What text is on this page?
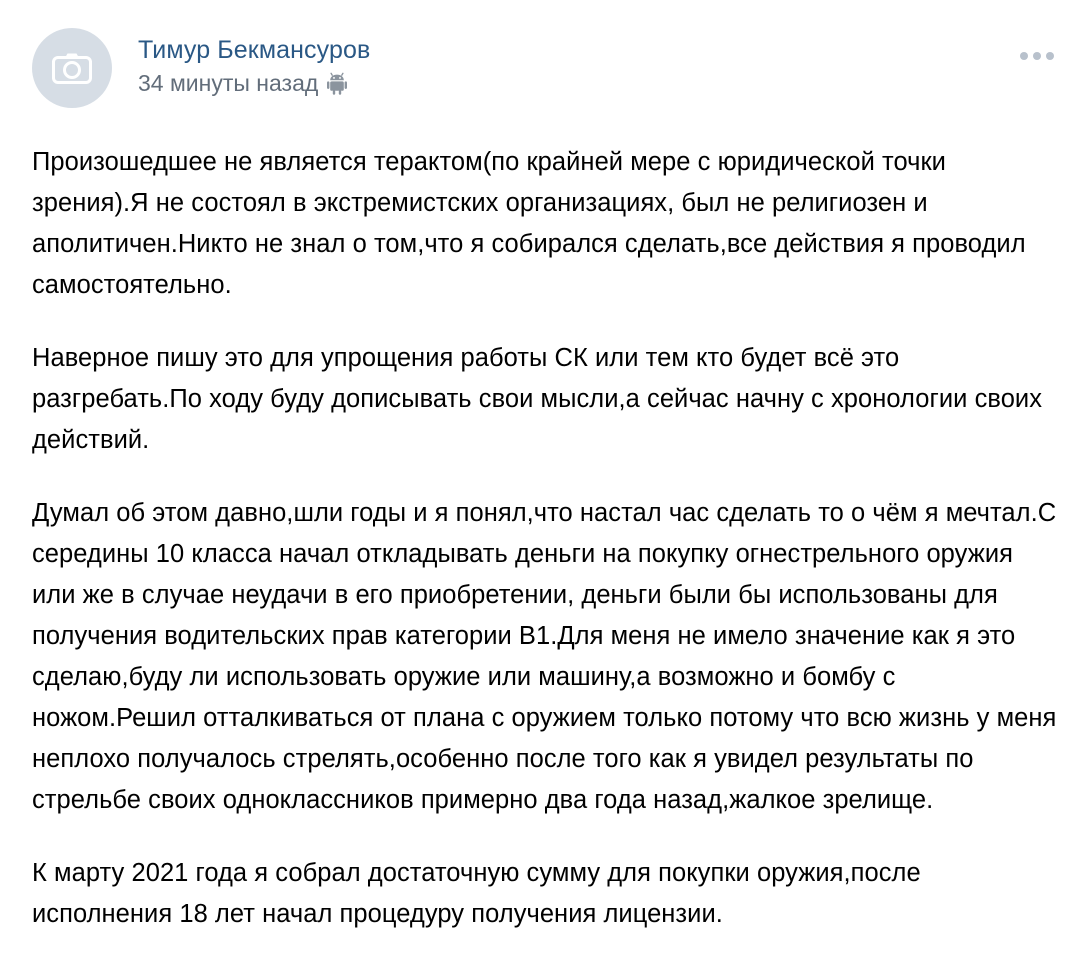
Тимур Бекмансуров
34 минуты назад

Произошедшее не является терактом(по крайней мере с юридической точки зрения).Я не состоял в экстремистских организациях, был не религиозен и аполитичен.Никто не знал о том,что я собирался сделать,все действия я проводил самостоятельно.

Наверное пишу это для упрощения работы СК или тем кто будет всё это разгребать.По ходу буду дописывать свои мысли,а сейчас начну с хронологии своих действий.

Думал об этом давно,шли годы и я понял,что настал час сделать то о чём я мечтал.С середины 10 класса начал откладывать деньги на покупку огнестрельного оружия или же в случае неудачи в его приобретении, деньги были бы использованы для получения водительских прав категории B1.Для меня не имело значение как я это сделаю,буду ли использовать оружие или машину,а возможно и бомбу с ножом.Решил отталкиваться от плана с оружием только потому что всю жизнь у меня неплохо получалось стрелять,особенно после того как я увидел результаты по стрельбе своих одноклассников примерно два года назад,жалкое зрелище.

К марту 2021 года я собрал достаточную сумму для покупки оружия,после исполнения 18 лет начал процедуру получения лицензии.
